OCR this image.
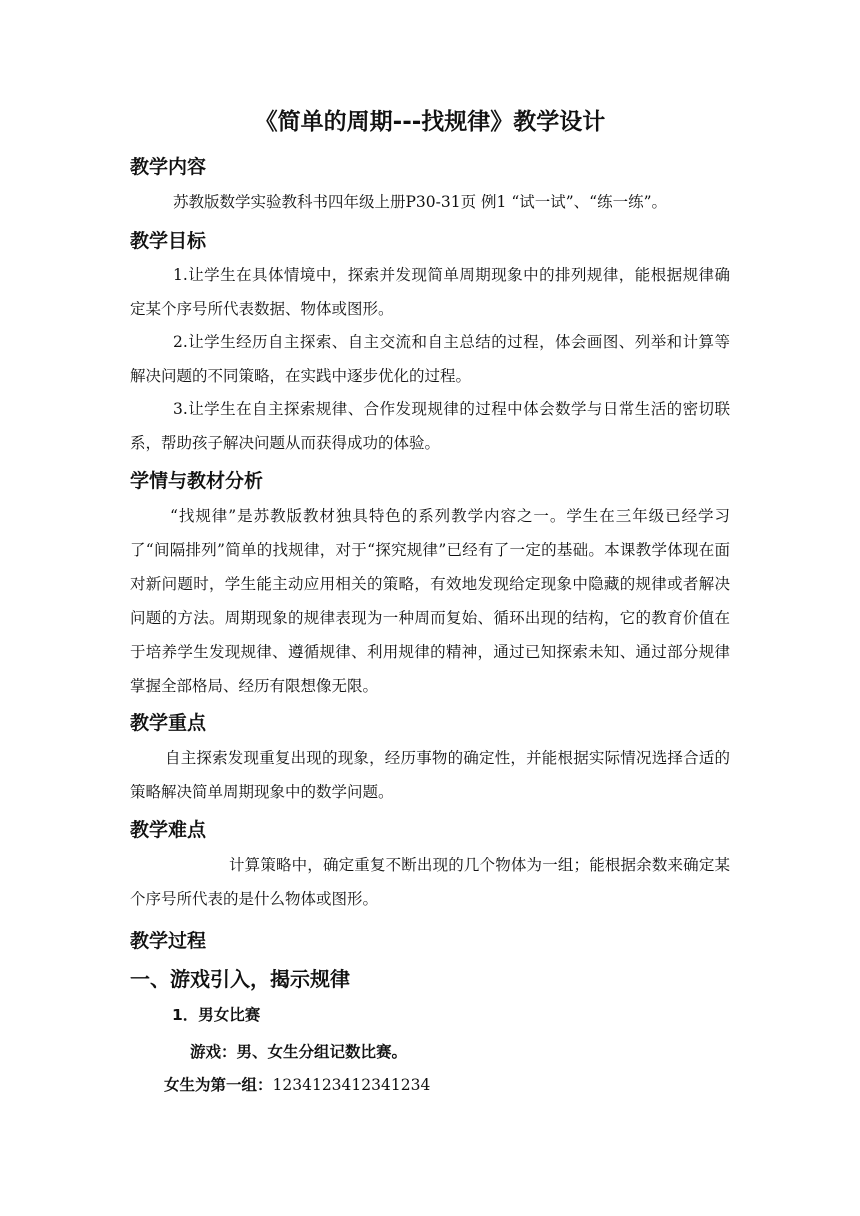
《简单的周期---找规律》教学设计
教学内容
苏教版数学实验教科书四年级上册P30-31页 例1 “试一试”、“练一练”。
教学目标
1.让学生在具体情境中，探索并发现简单周期现象中的排列规律，能根据规律确定某个序号所代表数据、物体或图形。
2.让学生经历自主探索、自主交流和自主总结的过程，体会画图、列举和计算等解决问题的不同策略，在实践中逐步优化的过程。
3.让学生在自主探索规律、合作发现规律的过程中体会数学与日常生活的密切联系，帮助孩子解决问题从而获得成功的体验。
学情与教材分析
“找规律”是苏教版教材独具特色的系列教学内容之一。学生在三年级已经学习了“间隔排列”简单的找规律，对于“探究规律”已经有了一定的基础。本课教学体现在面对新问题时，学生能主动应用相关的策略，有效地发现给定现象中隐藏的规律或者解决问题的方法。周期现象的规律表现为一种周而复始、循环出现的结构，它的教育价值在于培养学生发现规律、遵循规律、利用规律的精神，通过已知探索未知、通过部分规律掌握全部格局、经历有限想像无限。
教学重点
自主探索发现重复出现的现象，经历事物的确定性，并能根据实际情况选择合适的策略解决简单周期现象中的数学问题。
教学难点
计算策略中，确定重复不断出现的几个物体为一组；能根据余数来确定某个序号所代表的是什么物体或图形。
教学过程
一、游戏引入，揭示规律
1．男女比赛
游戏：男、女生分组记数比赛。
女生为第一组：1234123412341234
